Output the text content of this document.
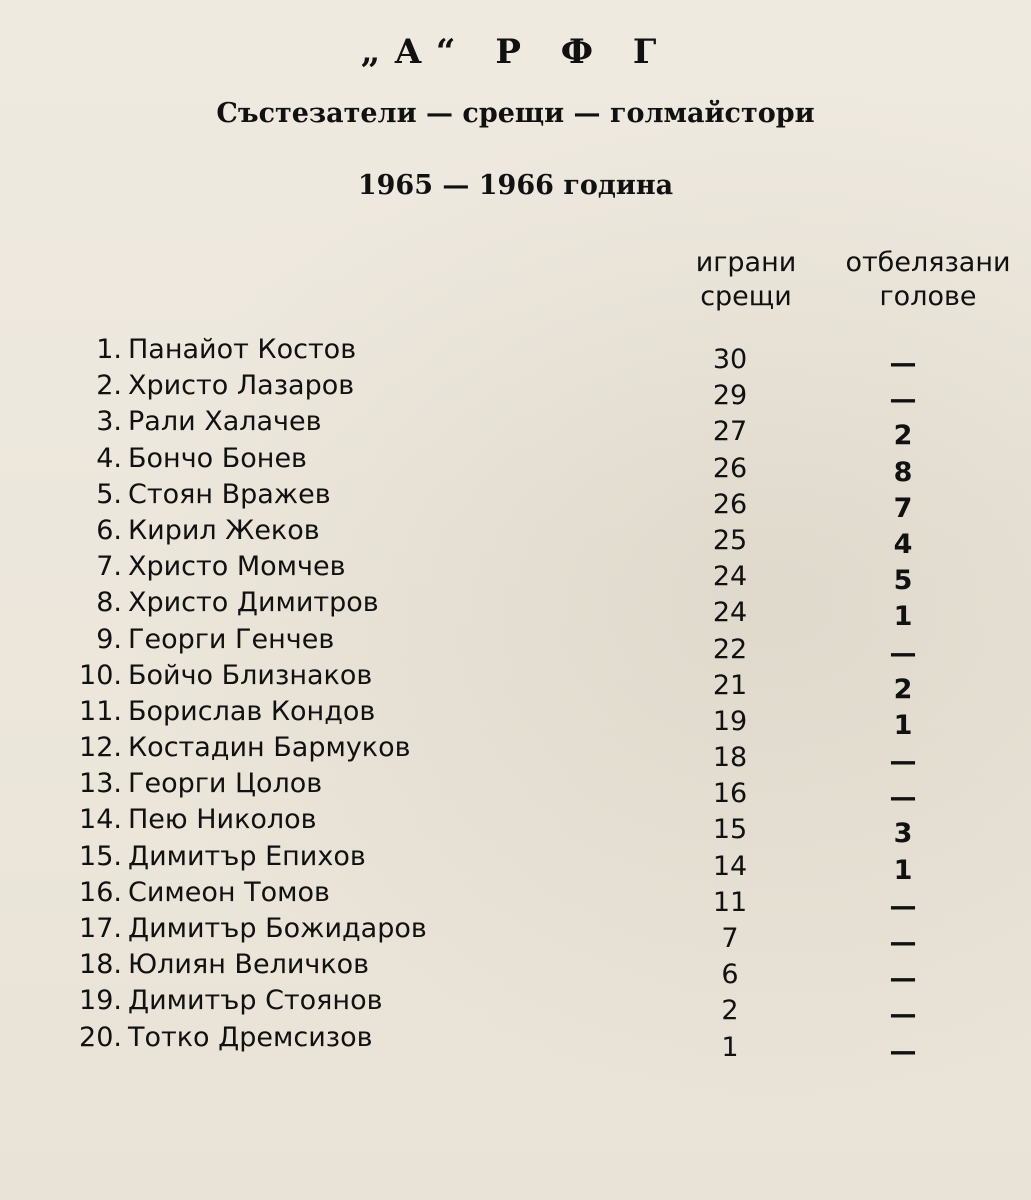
„А“ Р Ф Г
Състезатели — срещи — голмайстори
1965 — 1966 година
играни
срещи
отбелязани
голове
1. Панайот Костов	30	—
2. Христо Лазаров	29	—
3. Рали Халачев	27	2
4. Бончо Бонев	26	8
5. Стоян Вражев	26	7
6. Кирил Жеков	25	4
7. Христо Момчев	24	5
8. Христо Димитров	24	1
9. Георги Генчев	22	—
10. Бойчо Близнаков	21	2
11. Борислав Кондов	19	1
12. Костадин Бармуков	18	—
13. Георги Цолов	16	—
14. Пею Николов	15	3
15. Димитър Епихов	14	1
16. Симеон Томов	11	—
17. Димитър Божидаров	7	—
18. Юлиян Величков	6	—
19. Димитър Стоянов	2	—
20. Тотко Дремсизов	1	—
